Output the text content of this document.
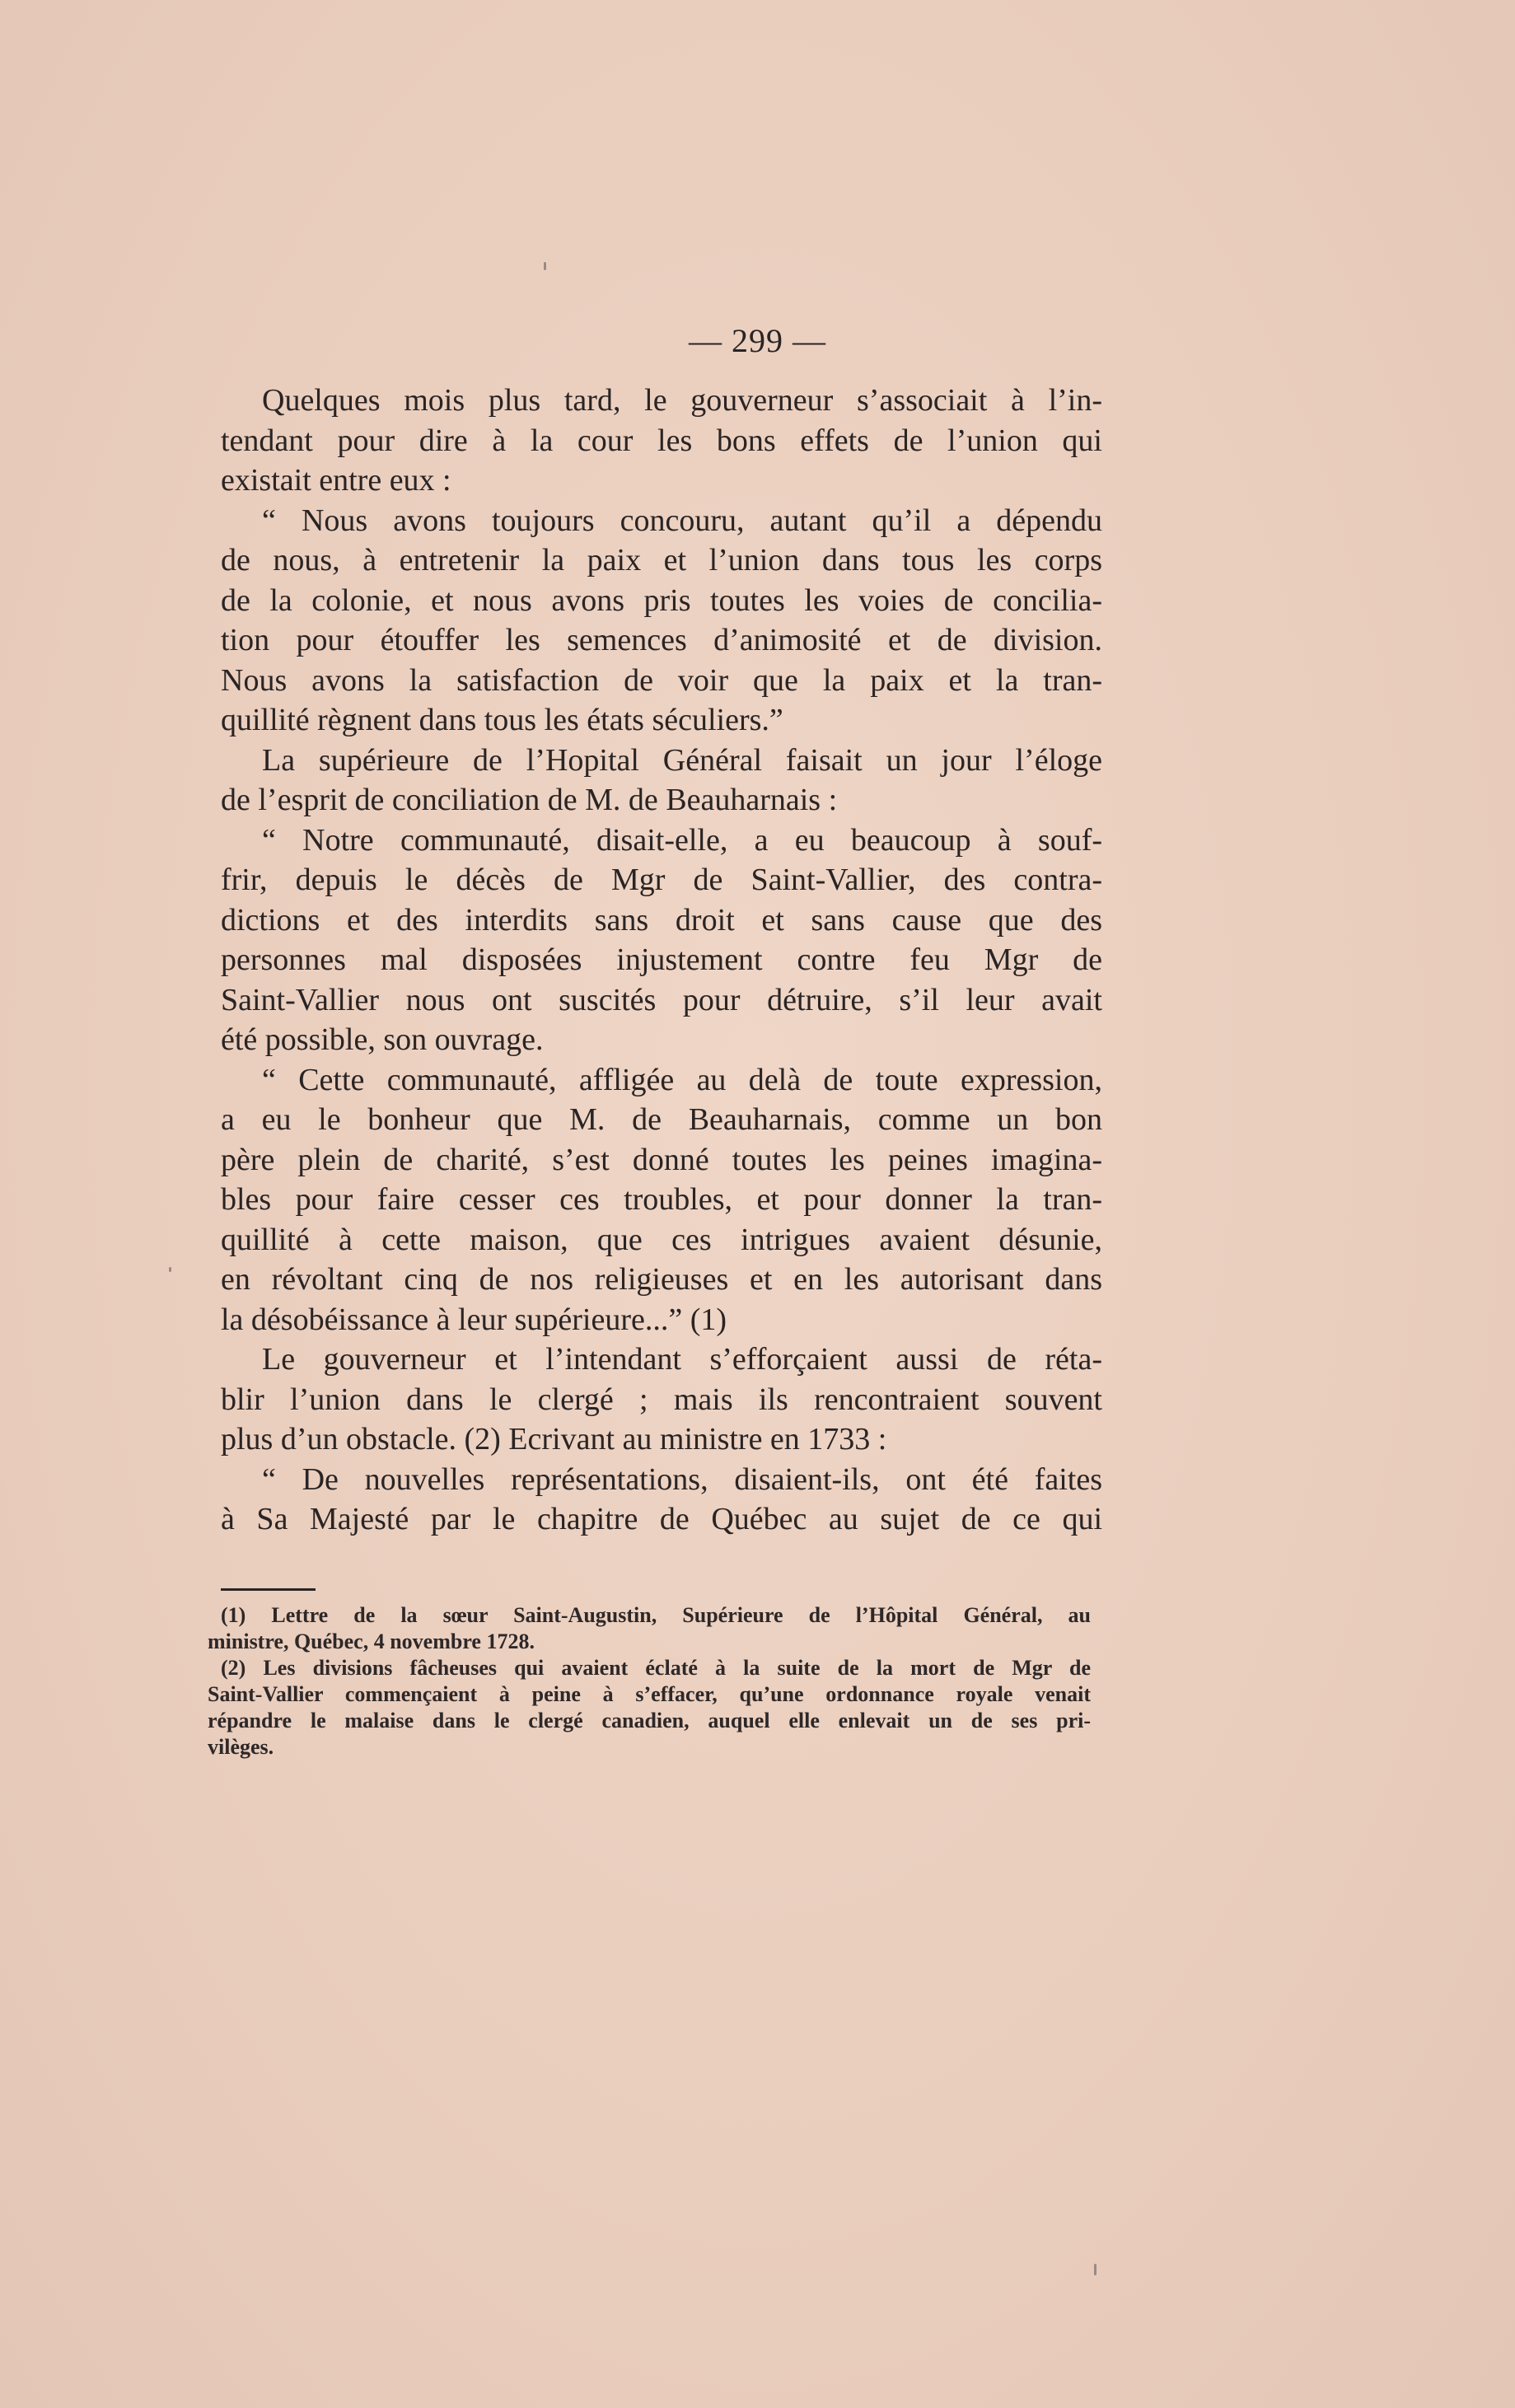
— 299 —
Quelques mois plus tard, le gouverneur s’associait à l’in-
tendant pour dire à la cour les bons effets de l’union qui
existait entre eux :
“ Nous avons toujours concouru, autant qu’il a dépendu
de nous, à entretenir la paix et l’union dans tous les corps
de la colonie, et nous avons pris toutes les voies de concilia-
tion pour étouffer les semences d’animosité et de division.
Nous avons la satisfaction de voir que la paix et la tran-
quillité règnent dans tous les états séculiers.”
La supérieure de l’Hopital Général faisait un jour l’éloge
de l’esprit de conciliation de M. de Beauharnais :
“ Notre communauté, disait-elle, a eu beaucoup à souf-
frir, depuis le décès de Mgr de Saint-Vallier, des contra-
dictions et des interdits sans droit et sans cause que des
personnes mal disposées injustement contre feu Mgr de
Saint-Vallier nous ont suscités pour détruire, s’il leur avait
été possible, son ouvrage.
“ Cette communauté, affligée au delà de toute expression,
a eu le bonheur que M. de Beauharnais, comme un bon
père plein de charité, s’est donné toutes les peines imagina-
bles pour faire cesser ces troubles, et pour donner la tran-
quillité à cette maison, que ces intrigues avaient désunie,
en révoltant cinq de nos religieuses et en les autorisant dans
la désobéissance à leur supérieure...” (1)
Le gouverneur et l’intendant s’efforçaient aussi de réta-
blir l’union dans le clergé ; mais ils rencontraient souvent
plus d’un obstacle. (2) Ecrivant au ministre en 1733 :
“ De nouvelles représentations, disaient-ils, ont été faites
à Sa Majesté par le chapitre de Québec au sujet de ce qui
(1) Lettre de la sœur Saint-Augustin, Supérieure de l’Hôpital Général, au
ministre, Québec, 4 novembre 1728.
(2) Les divisions fâcheuses qui avaient éclaté à la suite de la mort de Mgr de
Saint-Vallier commençaient à peine à s’effacer, qu’une ordonnance royale venait
répandre le malaise dans le clergé canadien, auquel elle enlevait un de ses pri-
vilèges.
